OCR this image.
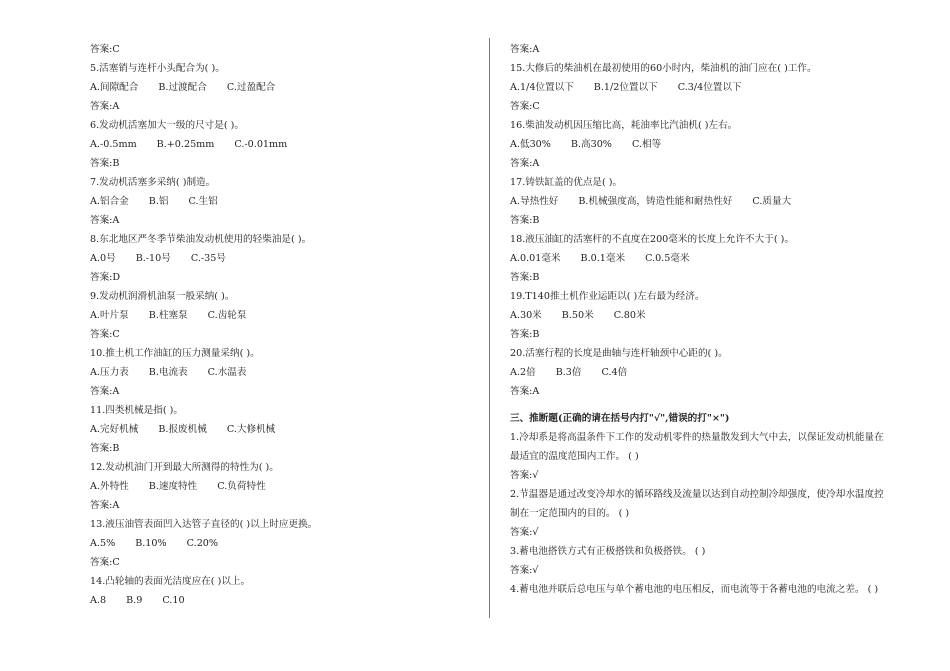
答案:C
5.活塞销与连杆小头配合为( )。
A.间隙配合 B.过渡配合 C.过盈配合
答案:A
6.发动机活塞加大一级的尺寸是( )。
A.-0.5mm B.+0.25mm C.-0.01mm
答案:B
7.发动机活塞多采纳( )制造。
A.铝合金 B.铝 C.生铝
答案:A
8.东北地区严冬季节柴油发动机使用的轻柴油是( )。
A.0号 B.-10号 C.-35号
答案:D
9.发动机润滑机油泵一般采纳( )。
A.叶片泵 B.柱塞泵 C.齿轮泵
答案:C
10.推土机工作油缸的压力测量采纳( )。
A.压力表 B.电流表 C.水温表
答案:A
11.四类机械是指( )。
A.完好机械 B.报废机械 C.大修机械
答案:B
12.发动机油门开到最大所测得的特性为( )。
A.外特性 B.速度特性 C.负荷特性
答案:A
13.液压油管表面凹入达管子直径的( )以上时应更换。
A.5% B.10% C.20%
答案:C
14.凸轮轴的表面光洁度应在( )以上。
A.8 B.9 C.10
答案:A
15.大修后的柴油机在最初使用的60小时内，柴油机的油门应在( )工作。
A.1/4位置以下 B.1/2位置以下 C.3/4位置以下
答案:C
16.柴油发动机因压缩比高，耗油率比汽油机( )左右。
A.低30% B.高30% C.相等
答案:A
17.铸铁缸盖的优点是( )。
A.导热性好 B.机械强度高，铸造性能和耐热性好 C.质量大
答案:B
18.液压油缸的活塞杆的不直度在200毫米的长度上允许不大于( )。
A.0.01毫米 B.0.1毫米 C.0.5毫米
答案:B
19.T140推土机作业运距以( )左右最为经济。
A.30米 B.50米 C.80米
答案:B
20.活塞行程的长度是曲轴与连杆轴颈中心距的( )。
A.2倍 B.3倍 C.4倍
答案:A
三、推断题(正确的请在括号内打"√",错误的打"×")
1.冷却系是将高温条件下工作的发动机零件的热量散发到大气中去，以保证发动机能量在最适宜的温度范围内工作。 ( )
答案:√
2.节温器是通过改变冷却水的循环路线及流量以达到自动控制冷却强度，使冷却水温度控制在一定范围内的目的。 ( )
答案:√
3.蓄电池搭铁方式有正极搭铁和负极搭铁。 ( )
答案:√
4.蓄电池并联后总电压与单个蓄电池的电压相反，而电流等于各蓄电池的电流之差。 ( )
